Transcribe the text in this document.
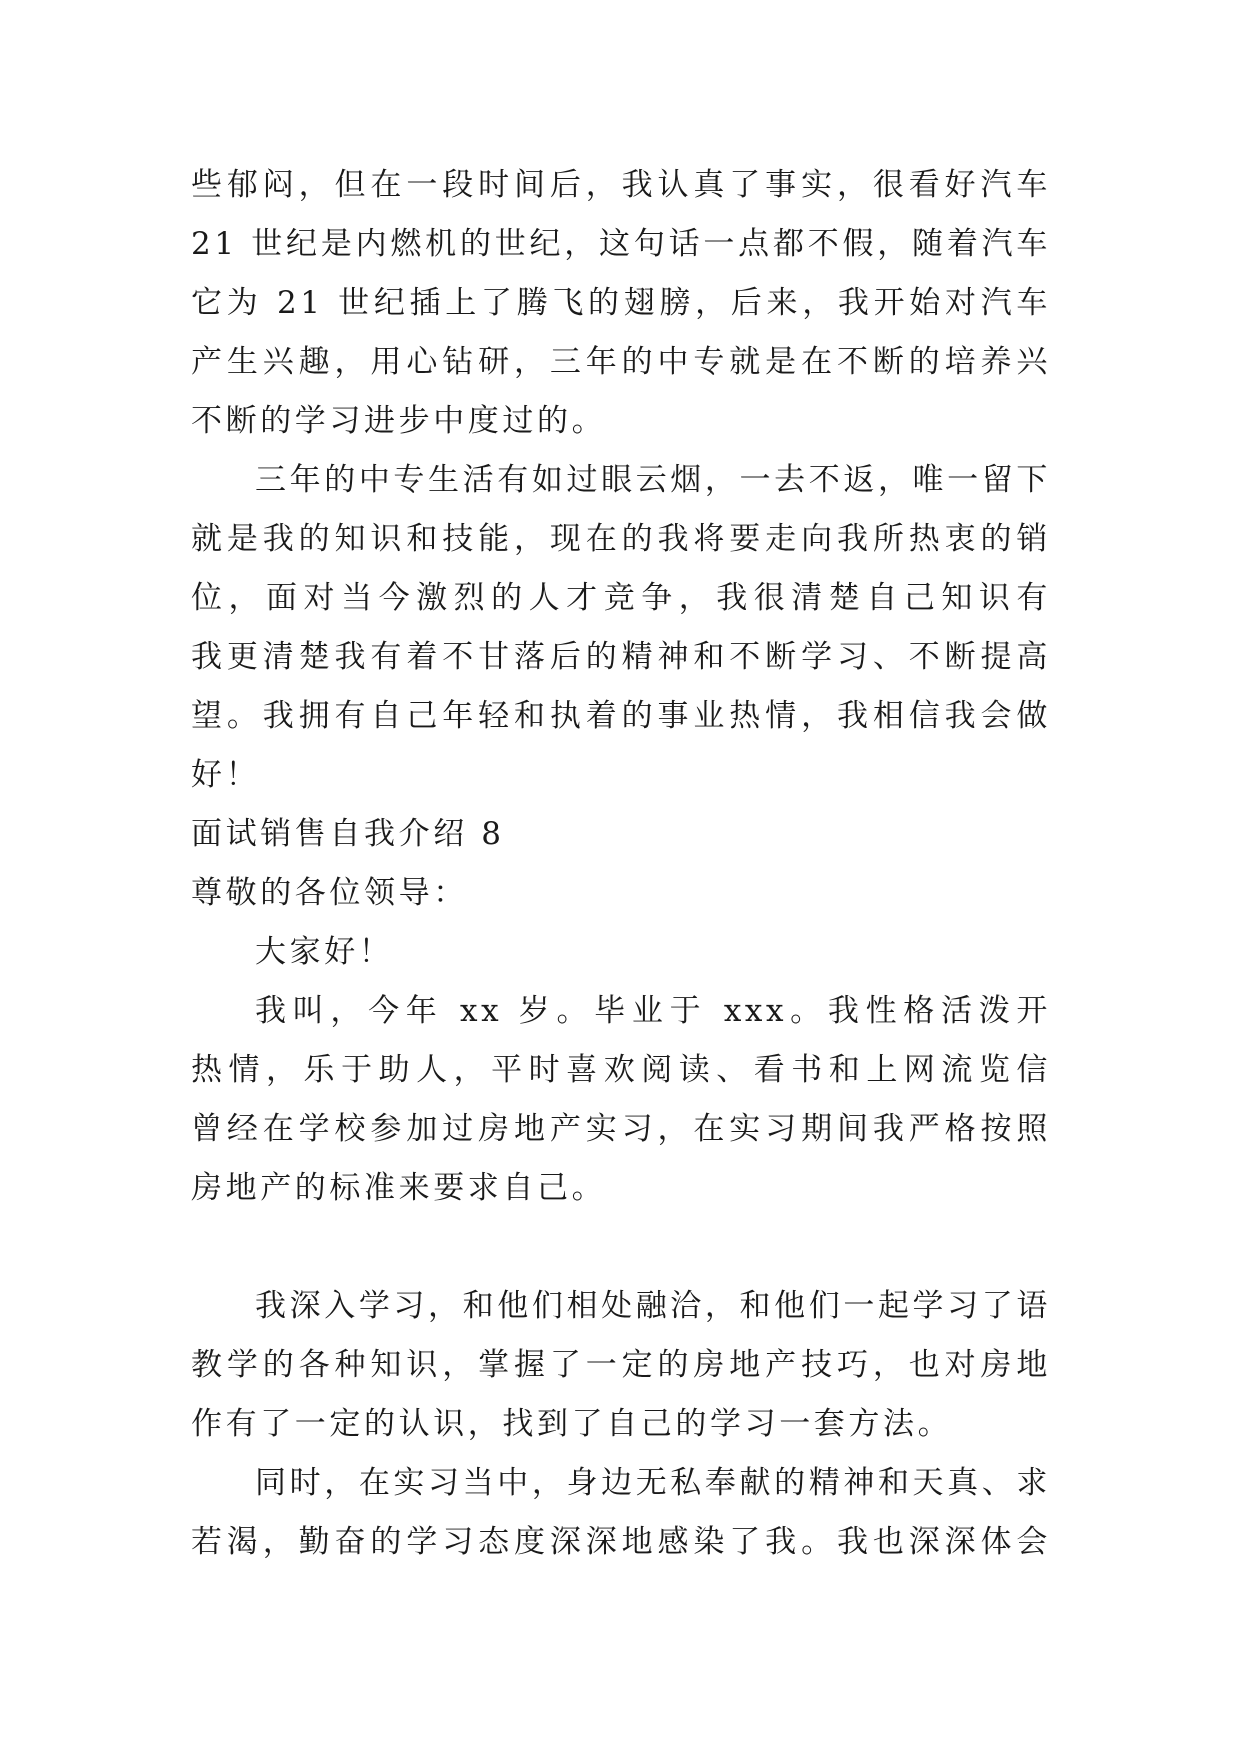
些郁闷，但在一段时间后，我认真了事实，很看好汽车
21 世纪是内燃机的世纪，这句话一点都不假，随着汽车
它为 21 世纪插上了腾飞的翅膀，后来，我开始对汽车
产生兴趣，用心钻研，三年的中专就是在不断的培养兴
不断的学习进步中度过的。
三年的中专生活有如过眼云烟，一去不返，唯一留下
就是我的知识和技能，现在的我将要走向我所热衷的销
位，面对当今激烈的人才竞争，我很清楚自己知识有
我更清楚我有着不甘落后的精神和不断学习、不断提高
望。我拥有自己年轻和执着的事业热情，我相信我会做
好！
面试销售自我介绍 8
尊敬的各位领导：
大家好！
我叫，今年 xx 岁。毕业于 xxx。我性格活泼开
热情，乐于助人，平时喜欢阅读、看书和上网流览信
曾经在学校参加过房地产实习，在实习期间我严格按照
房地产的标准来要求自己。
我深入学习，和他们相处融洽，和他们一起学习了语
教学的各种知识，掌握了一定的房地产技巧，也对房地
作有了一定的认识，找到了自己的学习一套方法。
同时，在实习当中，身边无私奉献的精神和天真、求
若渴，勤奋的学习态度深深地感染了我。我也深深体会
